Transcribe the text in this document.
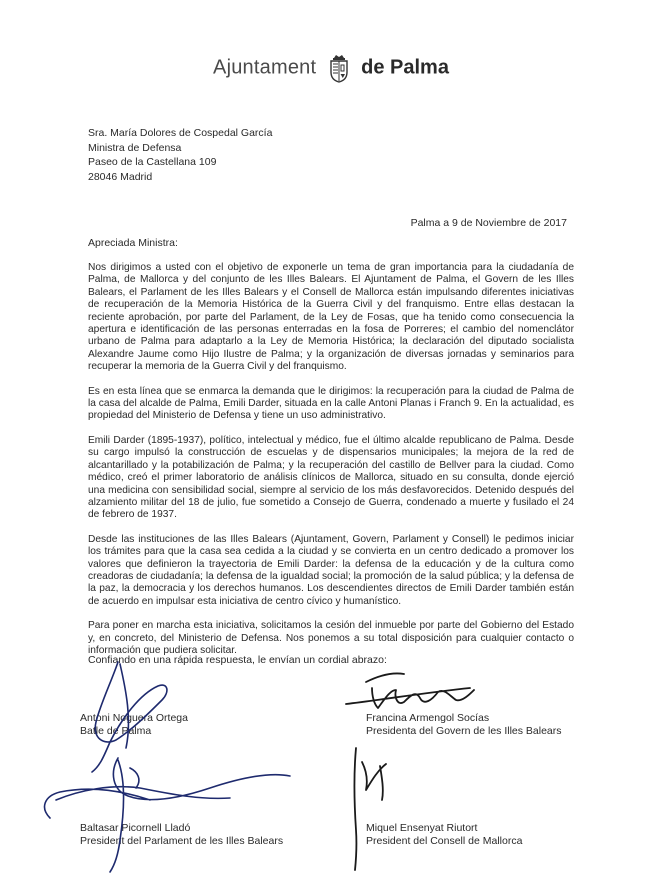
Ajuntament de Palma
Sra. María Dolores de Cospedal García
Ministra de Defensa
Paseo de la Castellana 109
28046 Madrid
Palma a 9 de Noviembre de 2017
Apreciada Ministra:

Nos dirigimos a usted con el objetivo de exponerle un tema de gran importancia para la ciudadanía de Palma, de Mallorca y del conjunto de les Illes Balears. El Ajuntament de Palma, el Govern de les Illes Balears, el Parlament de les Illes Balears y el Consell de Mallorca están impulsando diferentes iniciativas de recuperación de la Memoria Histórica de la Guerra Civil y del franquismo. Entre ellas destacan la reciente aprobación, por parte del Parlament, de la Ley de Fosas, que ha tenido como consecuencia la apertura e identificación de las personas enterradas en la fosa de Porreres; el cambio del nomenclátor urbano de Palma para adaptarlo a la Ley de Memoria Histórica; la declaración del diputado socialista Alexandre Jaume como Hijo Ilustre de Palma; y la organización de diversas jornadas y seminarios para recuperar la memoria de la Guerra Civil y del franquismo.

Es en esta línea que se enmarca la demanda que le dirigimos: la recuperación para la ciudad de Palma de la casa del alcalde de Palma, Emili Darder, situada en la calle Antoni Planas i Franch 9. En la actualidad, es propiedad del Ministerio de Defensa y tiene un uso administrativo.

Emili Darder (1895-1937), político, intelectual y médico, fue el último alcalde republicano de Palma. Desde su cargo impulsó la construcción de escuelas y de dispensarios municipales; la mejora de la red de alcantarillado y la potabilización de Palma; y la recuperación del castillo de Bellver para la ciudad. Como médico, creó el primer laboratorio de análisis clínicos de Mallorca, situado en su consulta, donde ejerció una medicina con sensibilidad social, siempre al servicio de los más desfavorecidos. Detenido después del alzamiento militar del 18 de julio, fue sometido a Consejo de Guerra, condenado a muerte y fusilado el 24 de febrero de 1937.

Desde las instituciones de las Illes Balears (Ajuntament, Govern, Parlament y Consell) le pedimos iniciar los trámites para que la casa sea cedida a la ciudad y se convierta en un centro dedicado a promover los valores que definieron la trayectoria de Emili Darder: la defensa de la educación y de la cultura como creadoras de ciudadanía; la defensa de la igualdad social; la promoción de la salud pública; y la defensa de la paz, la democracia y los derechos humanos. Los descendientes directos de Emili Darder también están de acuerdo en impulsar esta iniciativa de centro cívico y humanístico.

Para poner en marcha esta iniciativa, solicitamos la cesión del inmueble por parte del Gobierno del Estado y, en concreto, del Ministerio de Defensa. Nos ponemos a su total disposición para cualquier contacto o información que pudiera solicitar.

Confiando en una rápida respuesta, le envían un cordial abrazo:
Antoni Noguera Ortega
Batle de Palma
Francina Armengol Socías
Presidenta del Govern de les Illes Balears
Baltasar Picornell Lladó
President del Parlament de les Illes Balears
Miquel Ensenyat Riutort
President del Consell de Mallorca
